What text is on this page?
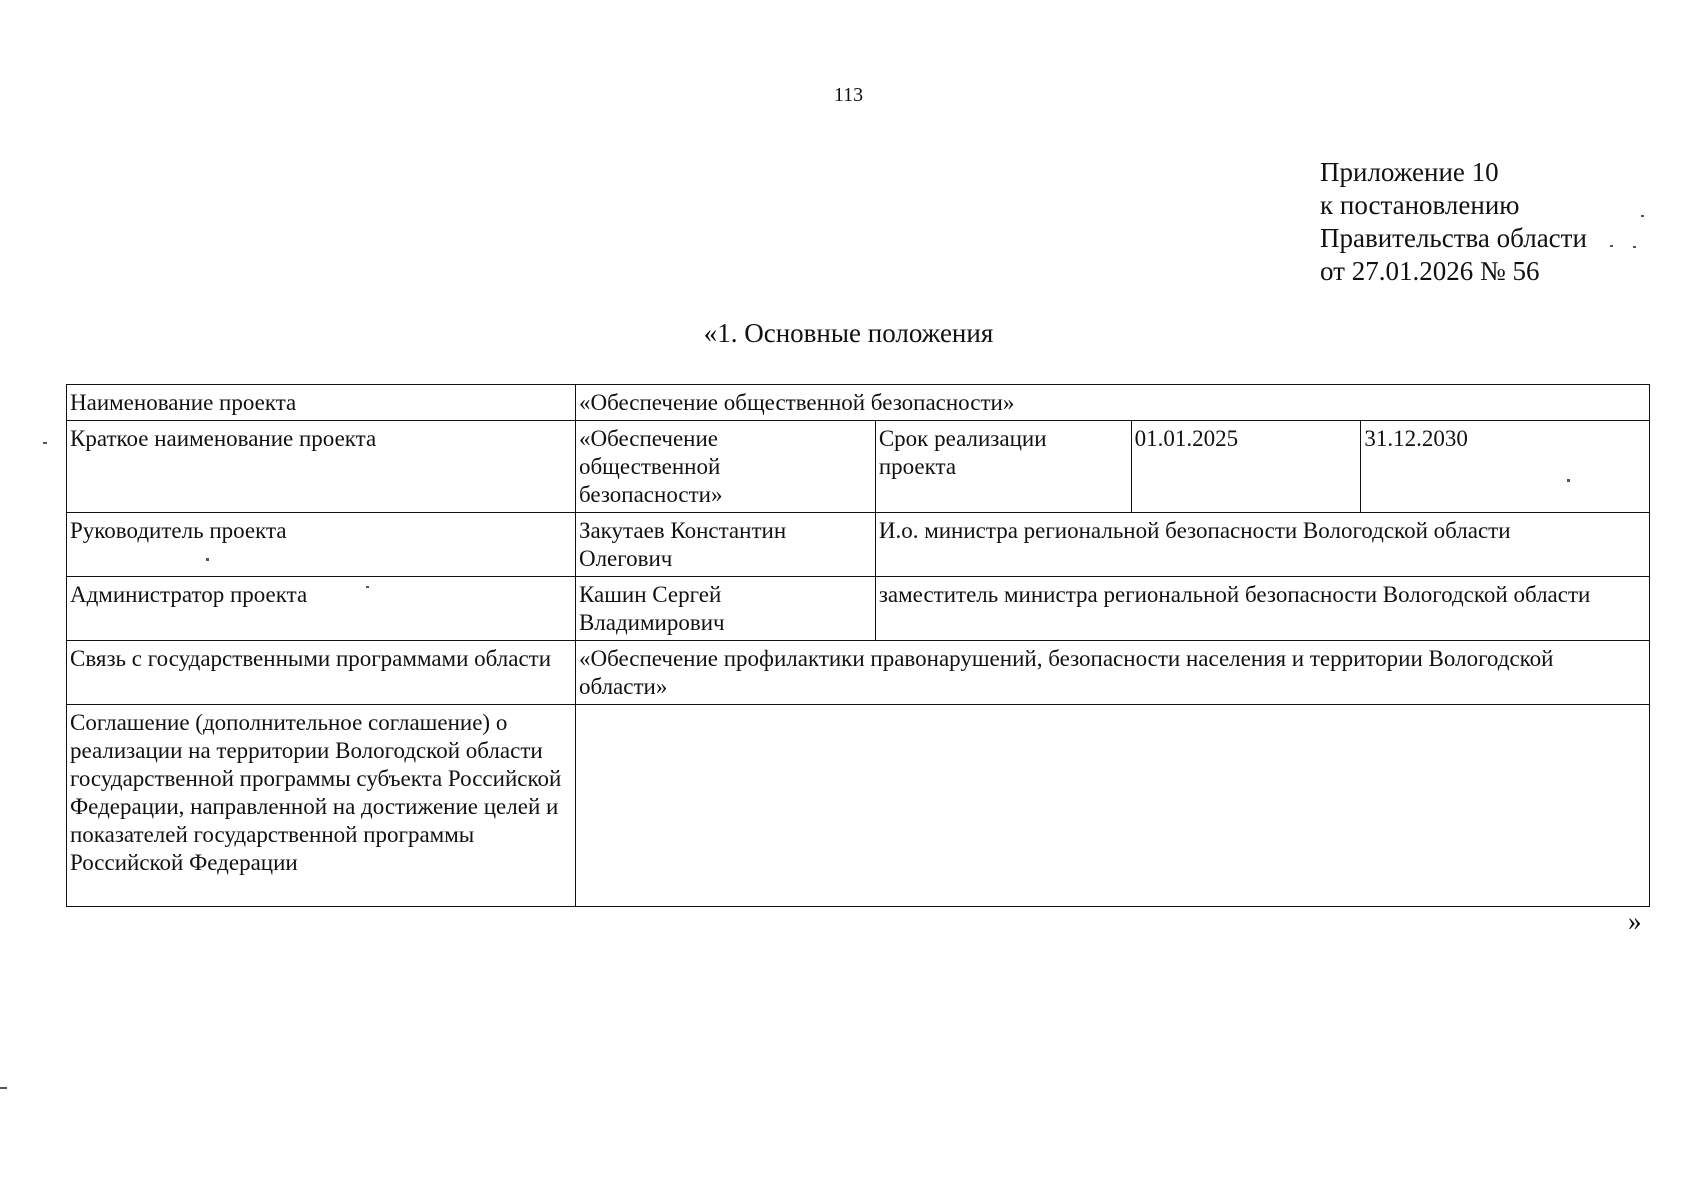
113
Приложение 10
к постановлению
Правительства области
от 27.01.2026 № 56
«1. Основные положения
Наименование проекта	«Обеспечение общественной безопасности»			
Краткое наименование проекта	«Обеспечение общественной безопасности»	Срок реализации проекта	01.01.2025	31.12.2030
Руководитель проекта	Закутаев Константин Олегович	И.о. министра региональной безопасности Вологодской области		
Администратор проекта	Кашин Сергей Владимирович	заместитель министра региональной безопасности Вологодской области		
Связь с государственными программами области	«Обеспечение профилактики правонарушений, безопасности населения и территории Вологодской области»			
Соглашение (дополнительное соглашение) о реализации на территории Вологодской области государственной программы субъекта Российской Федерации, направленной на достижение целей и показателей государственной программы Российской Федерации				
»
